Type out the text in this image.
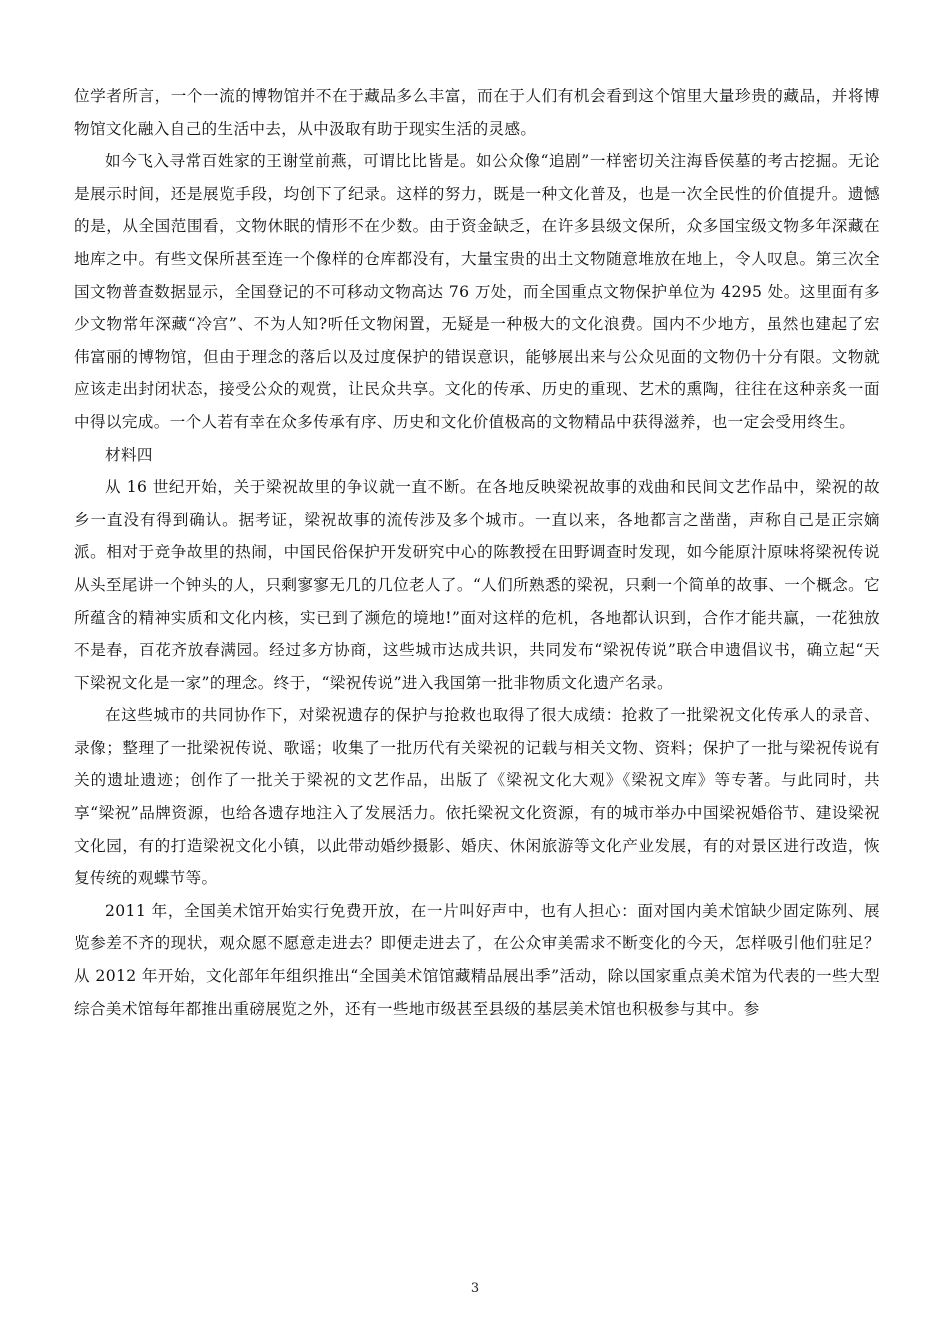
位学者所言，一个一流的博物馆并不在于藏品多么丰富，而在于人们有机会看到这个馆里大量珍贵的藏品，并将博物馆文化融入自己的生活中去，从中汲取有助于现实生活的灵感。

如今飞入寻常百姓家的王谢堂前燕，可谓比比皆是。如公众像“追剧”一样密切关注海昏侯墓的考古挖掘。无论是展示时间，还是展览手段，均创下了纪录。这样的努力，既是一种文化普及，也是一次全民性的价值提升。遗憾的是，从全国范围看，文物休眠的情形不在少数。由于资金缺乏，在许多县级文保所，众多国宝级文物多年深藏在地库之中。有些文保所甚至连一个像样的仓库都没有，大量宝贵的出土文物随意堆放在地上，令人叹息。第三次全国文物普查数据显示，全国登记的不可移动文物高达 76 万处，而全国重点文物保护单位为 4295 处。这里面有多少文物常年深藏“冷宫”、不为人知?听任文物闲置，无疑是一种极大的文化浪费。国内不少地方，虽然也建起了宏伟富丽的博物馆，但由于理念的落后以及过度保护的错误意识，能够展出来与公众见面的文物仍十分有限。文物就应该走出封闭状态，接受公众的观赏，让民众共享。文化的传承、历史的重现、艺术的熏陶，往往在这种亲炙一面中得以完成。一个人若有幸在众多传承有序、历史和文化价值极高的文物精品中获得滋养，也一定会受用终生。

材料四

从 16 世纪开始，关于梁祝故里的争议就一直不断。在各地反映梁祝故事的戏曲和民间文艺作品中，梁祝的故乡一直没有得到确认。据考证，梁祝故事的流传涉及多个城市。一直以来，各地都言之凿凿，声称自己是正宗嫡派。相对于竞争故里的热闹，中国民俗保护开发研究中心的陈教授在田野调查时发现，如今能原汁原味将梁祝传说从头至尾讲一个钟头的人，只剩寥寥无几的几位老人了。“人们所熟悉的梁祝，只剩一个简单的故事、一个概念。它所蕴含的精神实质和文化内核，实已到了濒危的境地!”面对这样的危机，各地都认识到，合作才能共赢，一花独放不是春，百花齐放春满园。经过多方协商，这些城市达成共识，共同发布“梁祝传说”联合申遗倡议书，确立起“天下梁祝文化是一家”的理念。终于，“梁祝传说”进入我国第一批非物质文化遗产名录。

在这些城市的共同协作下，对梁祝遗存的保护与抢救也取得了很大成绩：抢救了一批梁祝文化传承人的录音、录像；整理了一批梁祝传说、歌谣；收集了一批历代有关梁祝的记载与相关文物、资料；保护了一批与梁祝传说有关的遗址遗迹；创作了一批关于梁祝的文艺作品，出版了《梁祝文化大观》《梁祝文库》等专著。与此同时，共享“梁祝”品牌资源，也给各遗存地注入了发展活力。依托梁祝文化资源，有的城市举办中国梁祝婚俗节、建设梁祝文化园，有的打造梁祝文化小镇，以此带动婚纱摄影、婚庆、休闲旅游等文化产业发展，有的对景区进行改造，恢复传统的观蝶节等。

2011 年，全国美术馆开始实行免费开放，在一片叫好声中，也有人担心：面对国内美术馆缺少固定陈列、展览参差不齐的现状，观众愿不愿意走进去？即便走进去了，在公众审美需求不断变化的今天，怎样吸引他们驻足？从 2012 年开始，文化部年年组织推出“全国美术馆馆藏精品展出季”活动，除以国家重点美术馆为代表的一些大型综合美术馆每年都推出重磅展览之外，还有一些地市级甚至县级的基层美术馆也积极参与其中。参

3
